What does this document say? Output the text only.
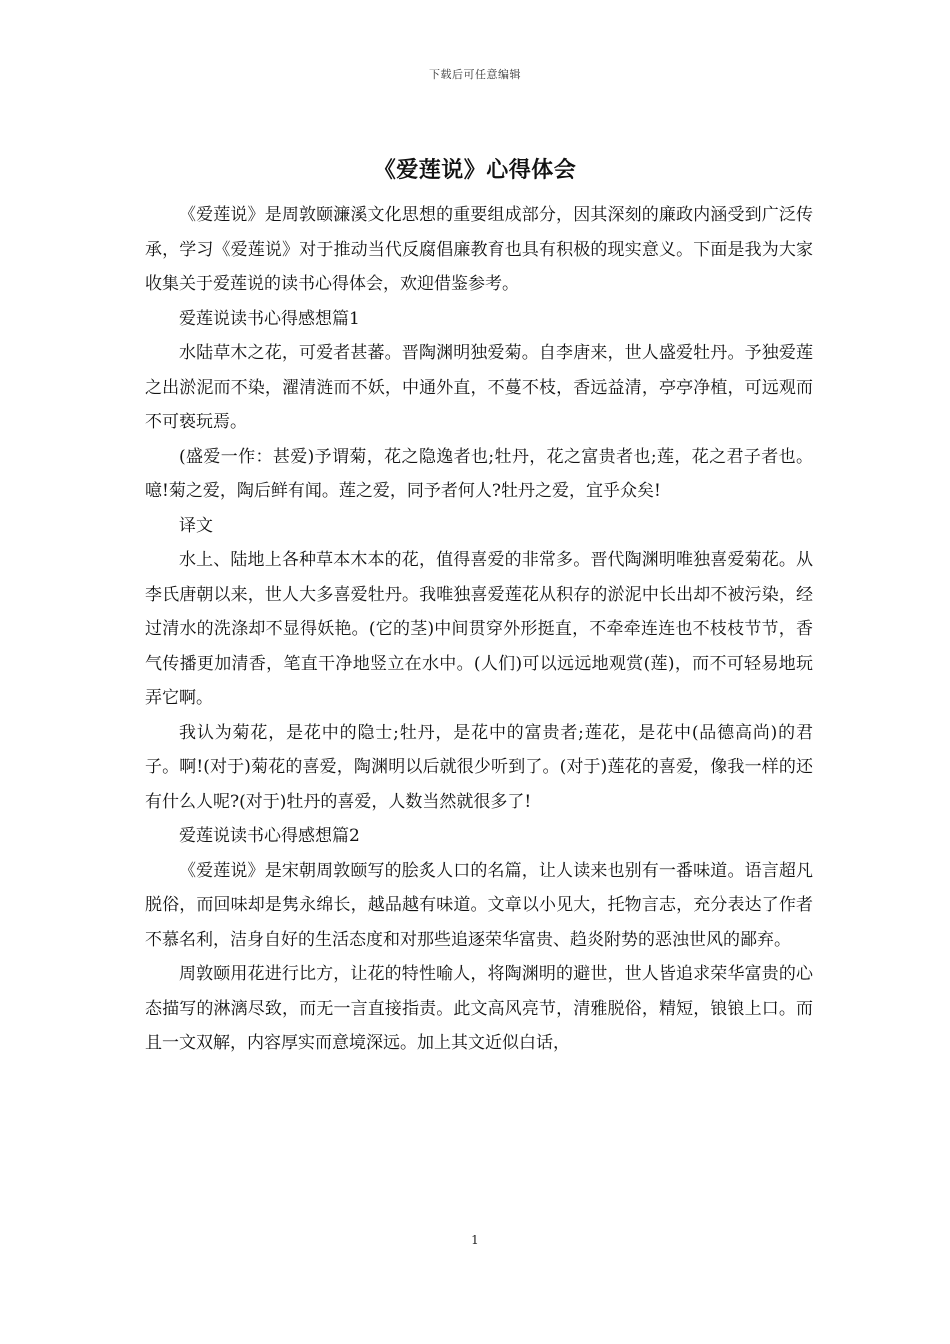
下载后可任意编辑
《爱莲说》心得体会

《爱莲说》是周敦颐濂溪文化思想的重要组成部分，因其深刻的廉政内涵受到广泛传承，学习《爱莲说》对于推动当代反腐倡廉教育也具有积极的现实意义。下面是我为大家收集关于爱莲说的读书心得体会，欢迎借鉴参考。

爱莲说读书心得感想篇1

水陆草木之花，可爱者甚蕃。晋陶渊明独爱菊。自李唐来，世人盛爱牡丹。予独爱莲之出淤泥而不染，濯清涟而不妖，中通外直，不蔓不枝，香远益清，亭亭净植，可远观而不可亵玩焉。

(盛爱一作：甚爱)予谓菊，花之隐逸者也;牡丹，花之富贵者也;莲，花之君子者也。噫!菊之爱，陶后鲜有闻。莲之爱，同予者何人?牡丹之爱，宜乎众矣!

译文

水上、陆地上各种草本木本的花，值得喜爱的非常多。晋代陶渊明唯独喜爱菊花。从李氏唐朝以来，世人大多喜爱牡丹。我唯独喜爱莲花从积存的淤泥中长出却不被污染，经过清水的洗涤却不显得妖艳。(它的茎)中间贯穿外形挺直，不牵牵连连也不枝枝节节，香气传播更加清香，笔直干净地竖立在水中。(人们)可以远远地观赏(莲)，而不可轻易地玩弄它啊。

我认为菊花，是花中的隐士;牡丹，是花中的富贵者;莲花，是花中(品德高尚)的君子。啊!(对于)菊花的喜爱，陶渊明以后就很少听到了。(对于)莲花的喜爱，像我一样的还有什么人呢?(对于)牡丹的喜爱，人数当然就很多了!

爱莲说读书心得感想篇2

《爱莲说》是宋朝周敦颐写的脍炙人口的名篇，让人读来也别有一番味道。语言超凡脱俗，而回味却是隽永绵长，越品越有味道。文章以小见大，托物言志，充分表达了作者不慕名利，洁身自好的生活态度和对那些追逐荣华富贵、趋炎附势的恶浊世风的鄙弃。

周敦颐用花进行比方，让花的特性喻人，将陶渊明的避世，世人皆追求荣华富贵的心态描写的淋漓尽致，而无一言直接指责。此文高风亮节，清雅脱俗，精短，锒锒上口。而且一文双解，内容厚实而意境深远。加上其文近似白话，

1
